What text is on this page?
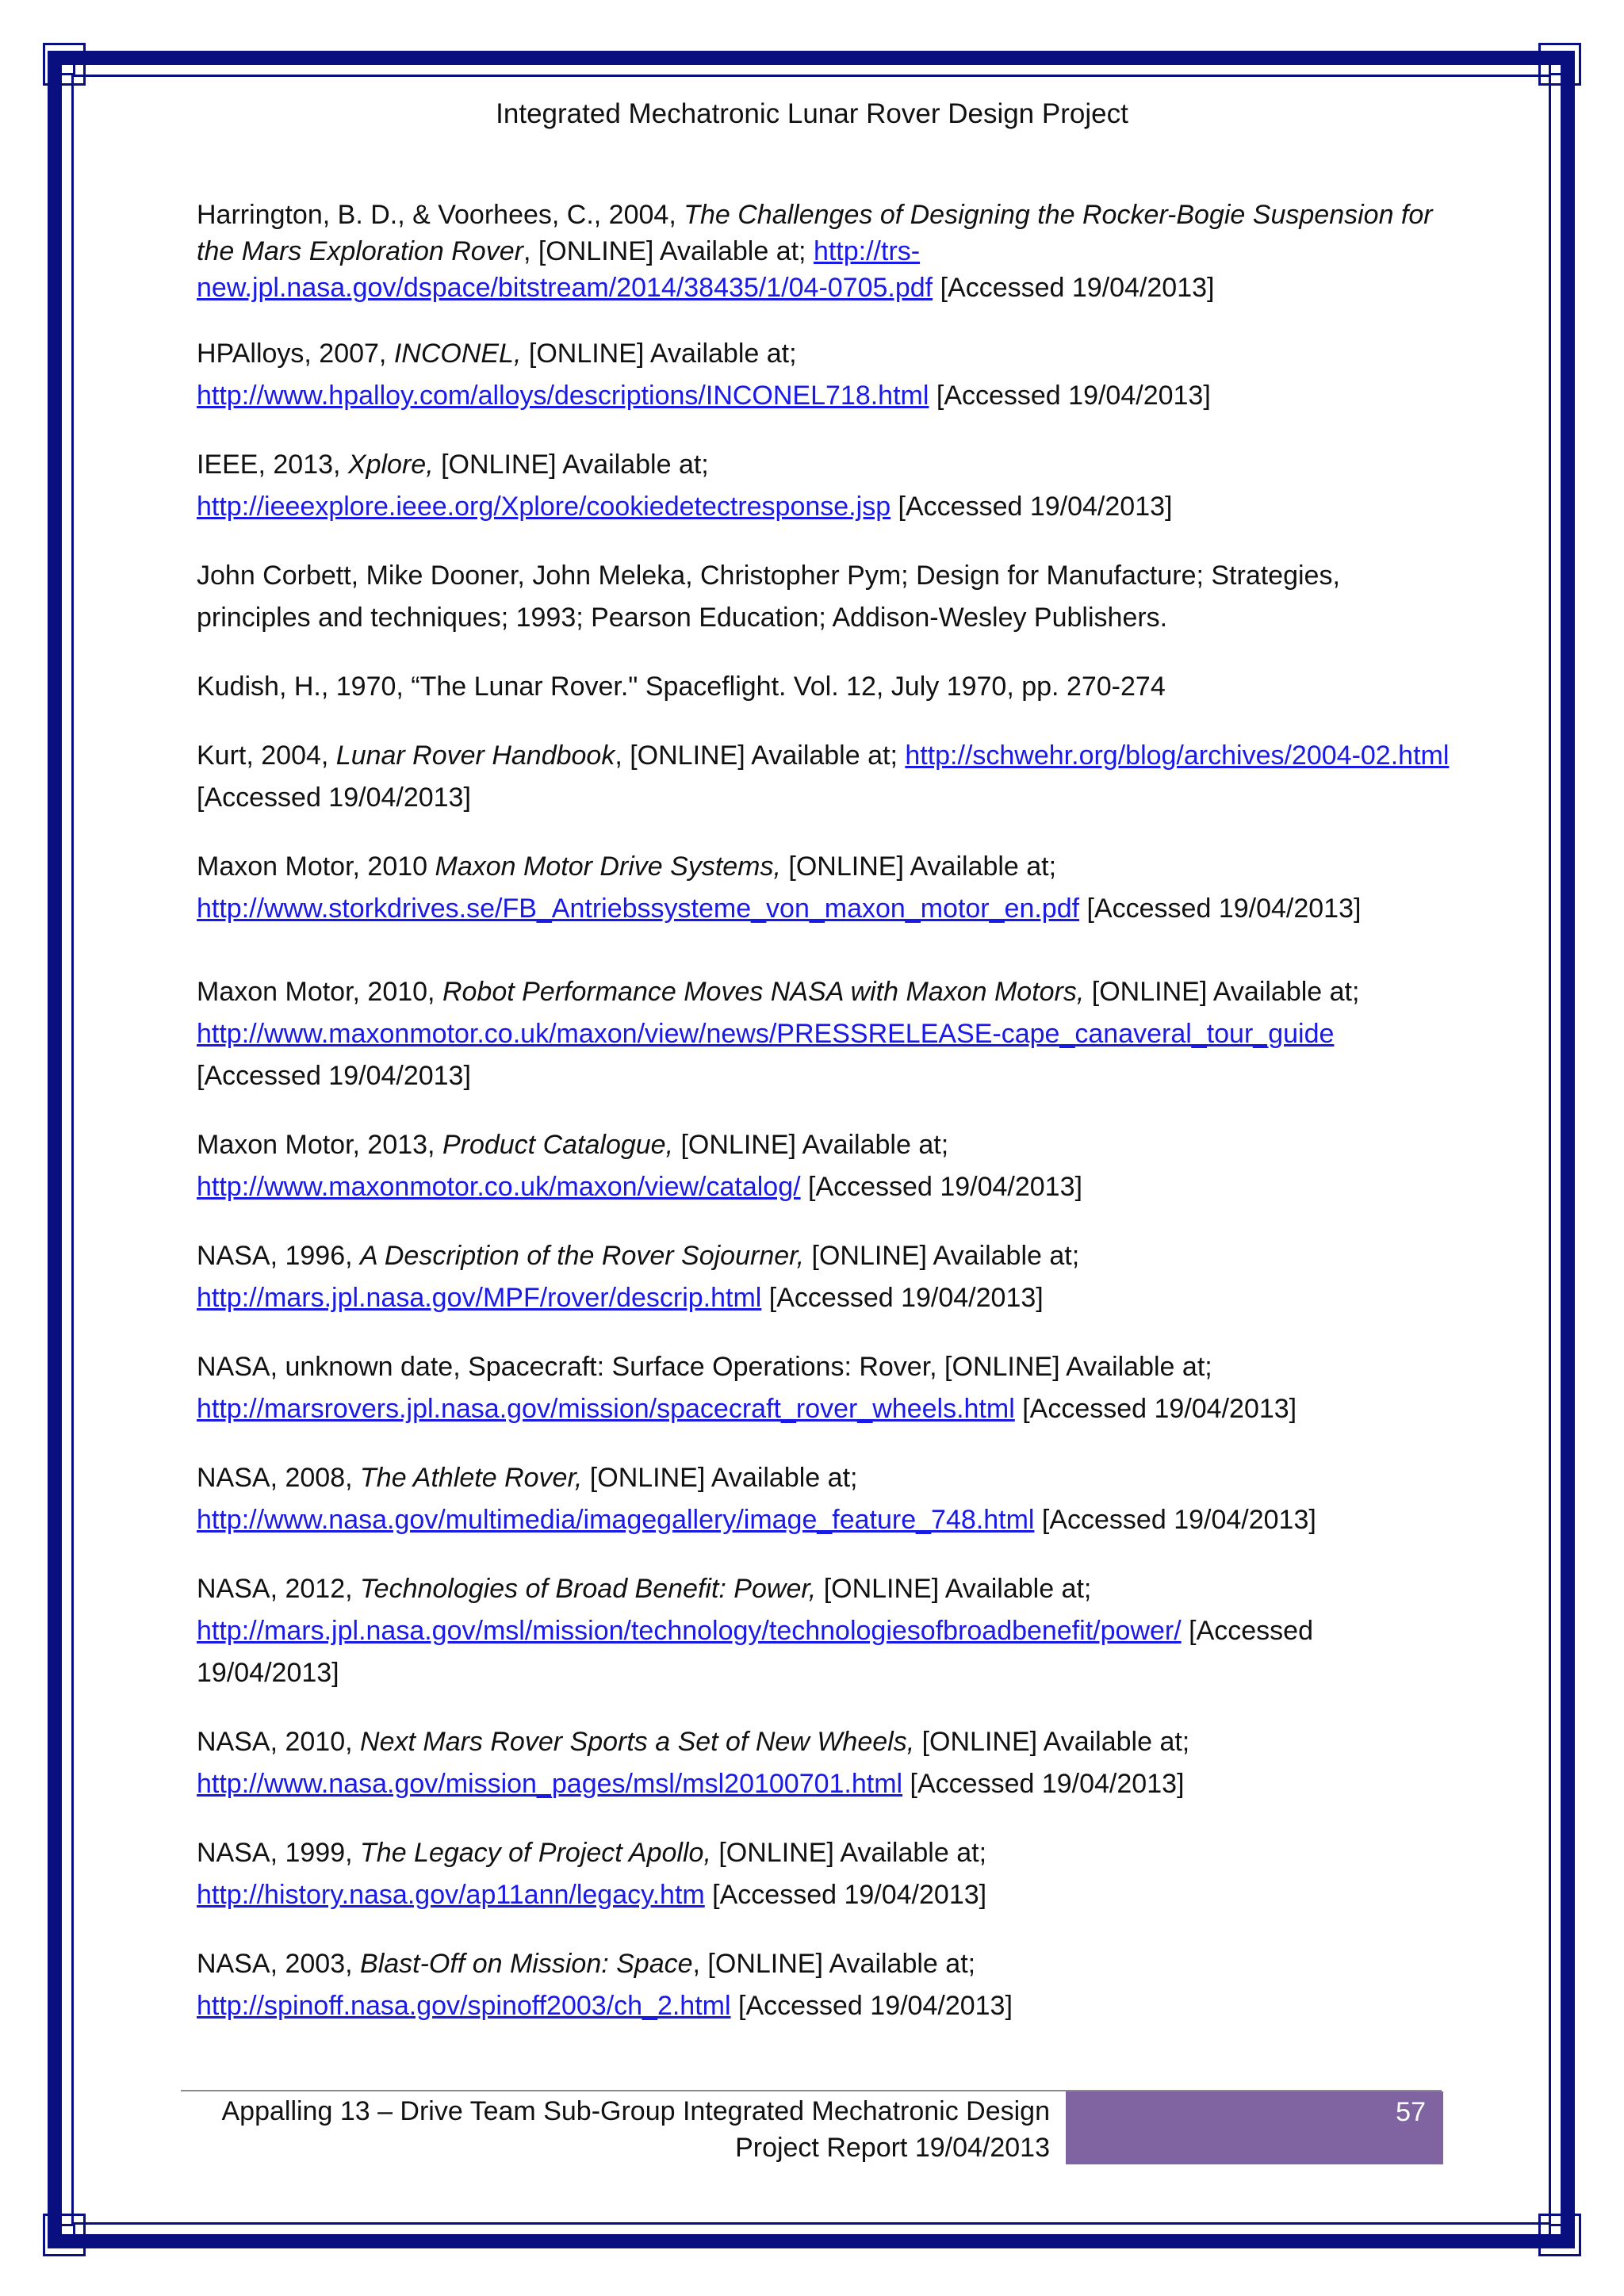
Integrated Mechatronic Lunar Rover Design Project

Harrington, B. D., & Voorhees, C., 2004, The Challenges of Designing the Rocker-Bogie Suspension for the Mars Exploration Rover, [ONLINE] Available at; http://trs-new.jpl.nasa.gov/dspace/bitstream/2014/38435/1/04-0705.pdf [Accessed 19/04/2013]

HPAlloys, 2007, INCONEL, [ONLINE] Available at;
http://www.hpalloy.com/alloys/descriptions/INCONEL718.html [Accessed 19/04/2013]

IEEE, 2013, Xplore, [ONLINE] Available at;
http://ieeexplore.ieee.org/Xplore/cookiedetectresponse.jsp [Accessed 19/04/2013]

John Corbett, Mike Dooner, John Meleka, Christopher Pym; Design for Manufacture; Strategies, principles and techniques; 1993; Pearson Education; Addison-Wesley Publishers.

Kudish, H., 1970, “The Lunar Rover." Spaceflight. Vol. 12, July 1970, pp. 270-274

Kurt, 2004, Lunar Rover Handbook, [ONLINE] Available at; http://schwehr.org/blog/archives/2004-02.html [Accessed 19/04/2013]

Maxon Motor, 2010 Maxon Motor Drive Systems, [ONLINE] Available at;
http://www.storkdrives.se/FB_Antriebssysteme_von_maxon_motor_en.pdf [Accessed 19/04/2013]

Maxon Motor, 2010, Robot Performance Moves NASA with Maxon Motors, [ONLINE] Available at;
http://www.maxonmotor.co.uk/maxon/view/news/PRESSRELEASE-cape_canaveral_tour_guide
[Accessed 19/04/2013]

Maxon Motor, 2013, Product Catalogue, [ONLINE] Available at;
http://www.maxonmotor.co.uk/maxon/view/catalog/ [Accessed 19/04/2013]

NASA, 1996, A Description of the Rover Sojourner, [ONLINE] Available at;
http://mars.jpl.nasa.gov/MPF/rover/descrip.html [Accessed 19/04/2013]

NASA, unknown date, Spacecraft: Surface Operations: Rover, [ONLINE] Available at;
http://marsrovers.jpl.nasa.gov/mission/spacecraft_rover_wheels.html [Accessed 19/04/2013]

NASA, 2008, The Athlete Rover, [ONLINE] Available at;
http://www.nasa.gov/multimedia/imagegallery/image_feature_748.html [Accessed 19/04/2013]

NASA, 2012, Technologies of Broad Benefit: Power, [ONLINE] Available at;
http://mars.jpl.nasa.gov/msl/mission/technology/technologiesofbroadbenefit/power/ [Accessed 19/04/2013]

NASA, 2010, Next Mars Rover Sports a Set of New Wheels, [ONLINE] Available at;
http://www.nasa.gov/mission_pages/msl/msl20100701.html [Accessed 19/04/2013]

NASA, 1999, The Legacy of Project Apollo, [ONLINE] Available at;
http://history.nasa.gov/ap11ann/legacy.htm [Accessed 19/04/2013]

NASA, 2003, Blast-Off on Mission: Space, [ONLINE] Available at;
http://spinoff.nasa.gov/spinoff2003/ch_2.html [Accessed 19/04/2013]

Appalling 13 – Drive Team Sub-Group Integrated Mechatronic Design
Project Report 19/04/2013
57
